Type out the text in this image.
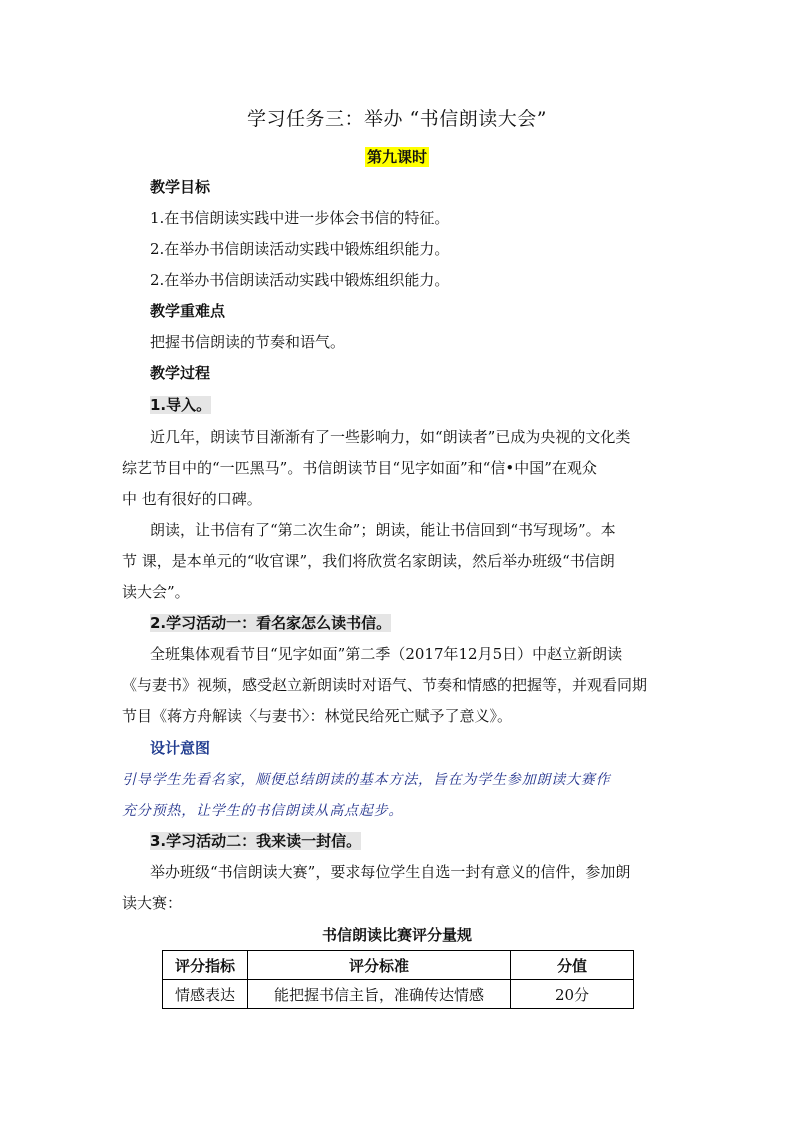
学习任务三：举办 “书信朗读大会”
第九课时
教学目标
1.在书信朗读实践中进一步体会书信的特征。
2.在举办书信朗读活动实践中锻炼组织能力。
2.在举办书信朗读活动实践中锻炼组织能力。
教学重难点
把握书信朗读的节奏和语气。
教学过程
1.导入。
近几年，朗读节目渐渐有了一些影响力，如“朗读者”已成为央视的文化类
综艺节目中的“一匹黑马”。书信朗读节目“见字如面”和“信•中国”在观众
中 也有很好的口碑。
朗读，让书信有了“第二次生命”；朗读，能让书信回到“书写现场”。本
节 课，是本单元的“收官课”，我们将欣赏名家朗读，然后举办班级“书信朗
读大会”。
2.学习活动一：看名家怎么读书信。
全班集体观看节目“见字如面”第二季（2017年12月5日）中赵立新朗读
《与妻书》视频，感受赵立新朗读时对语气、节奏和情感的把握等，并观看同期
节目《蒋方舟解读〈与妻书〉：林觉民给死亡赋予了意义》。
设计意图
引导学生先看名家，顺便总结朗读的基本方法，旨在为学生参加朗读大赛作
充分预热，让学生的书信朗读从高点起步。
3.学习活动二：我来读一封信。
举办班级“书信朗读大赛”，要求每位学生自选一封有意义的信件，参加朗
读大赛：
书信朗读比赛评分量规
评分指标	评分标准	分值
情感表达	能把握书信主旨，准确传达情感	20分
